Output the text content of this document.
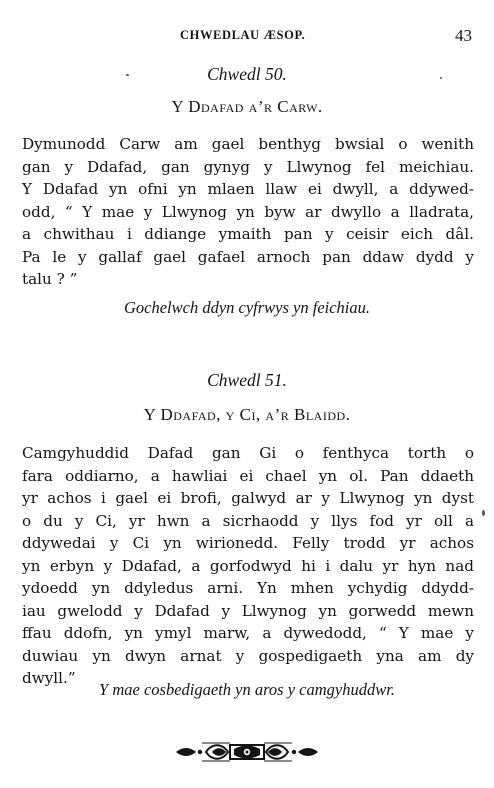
CHWEDLAU ÆSOP.	43
Chwedl 50.
Y Ddafad a’r Carw.
Dymunodd Carw am gael benthyg bwsial o wenith
gan y Ddafad, gan gynyg y Llwynog fel meichiau.
Y Ddafad yn ofni yn mlaen llaw ei dwyll, a ddywed-
odd, “ Y mae y Llwynog yn byw ar dwyllo a lladrata,
a chwithau i ddiange ymaith pan y ceisir eich dâl.
Pa le y gallaf gael gafael arnoch pan ddaw dydd y
talu ? ”
Gochelwch ddyn cyfrwys yn feichiau.
Chwedl 51.
Y Ddafad, y Ci, a’r Blaidd.
Camgyhuddid Dafad gan Gi o fenthyca torth o
fara oddiarno, a hawliai ei chael yn ol. Pan ddaeth
yr achos i gael ei brofi, galwyd ar y Llwynog yn dyst
o du y Ci, yr hwn a sicrhaodd y llys fod yr oll a
ddywedai y Ci yn wirionedd. Felly trodd yr achos
yn erbyn y Ddafad, a gorfodwyd hi i dalu yr hyn nad
ydoedd yn ddyledus arni. Yn mhen ychydig ddydd-
iau gwelodd y Ddafad y Llwynog yn gorwedd mewn
ffau ddofn, yn ymyl marw, a dywedodd, “ Y mae y
duwiau yn dwyn arnat y gospedigaeth yna am dy
dwyll.”
Y mae cosbedigaeth yn aros y camgyhuddwr.
